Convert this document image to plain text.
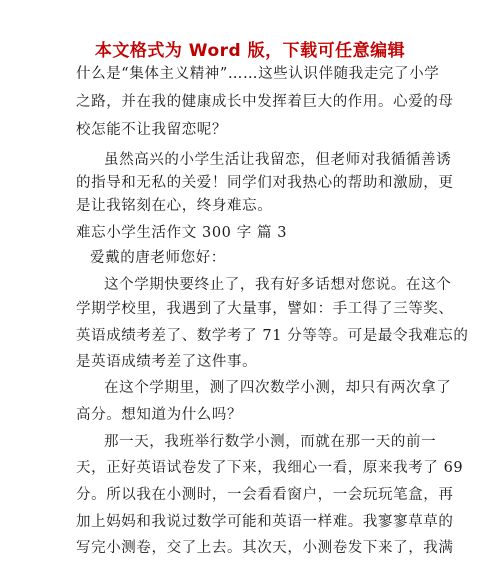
本文格式为 Word 版，下载可任意编辑
什么是“集体主义精神”……这些认识伴随我走完了小学
之路，并在我的健康成长中发挥着巨大的作用。心爱的母
校怎能不让我留恋呢？
虽然高兴的小学生活让我留恋，但老师对我循循善诱
的指导和无私的关爱！同学们对我热心的帮助和激励，更
是让我铭刻在心，终身难忘。
难忘小学生活作文 300 字 篇 3
爱戴的唐老师您好：
这个学期快要终止了，我有好多话想对您说。在这个
学期学校里，我遇到了大量事，譬如：手工得了三等奖、
英语成绩考差了、数学考了 71 分等等。可是最令我难忘的
是英语成绩考差了这件事。
在这个学期里，测了四次数学小测，却只有两次拿了
高分。想知道为什么吗？
那一天，我班举行数学小测，而就在那一天的前一
天，正好英语试卷发了下来，我细心一看，原来我考了 69
分。所以我在小测时，一会看看窗户，一会玩玩笔盒，再
加上妈妈和我说过数学可能和英语一样难。我寥寥草草的
写完小测卷，交了上去。其次天，小测卷发下来了，我满
